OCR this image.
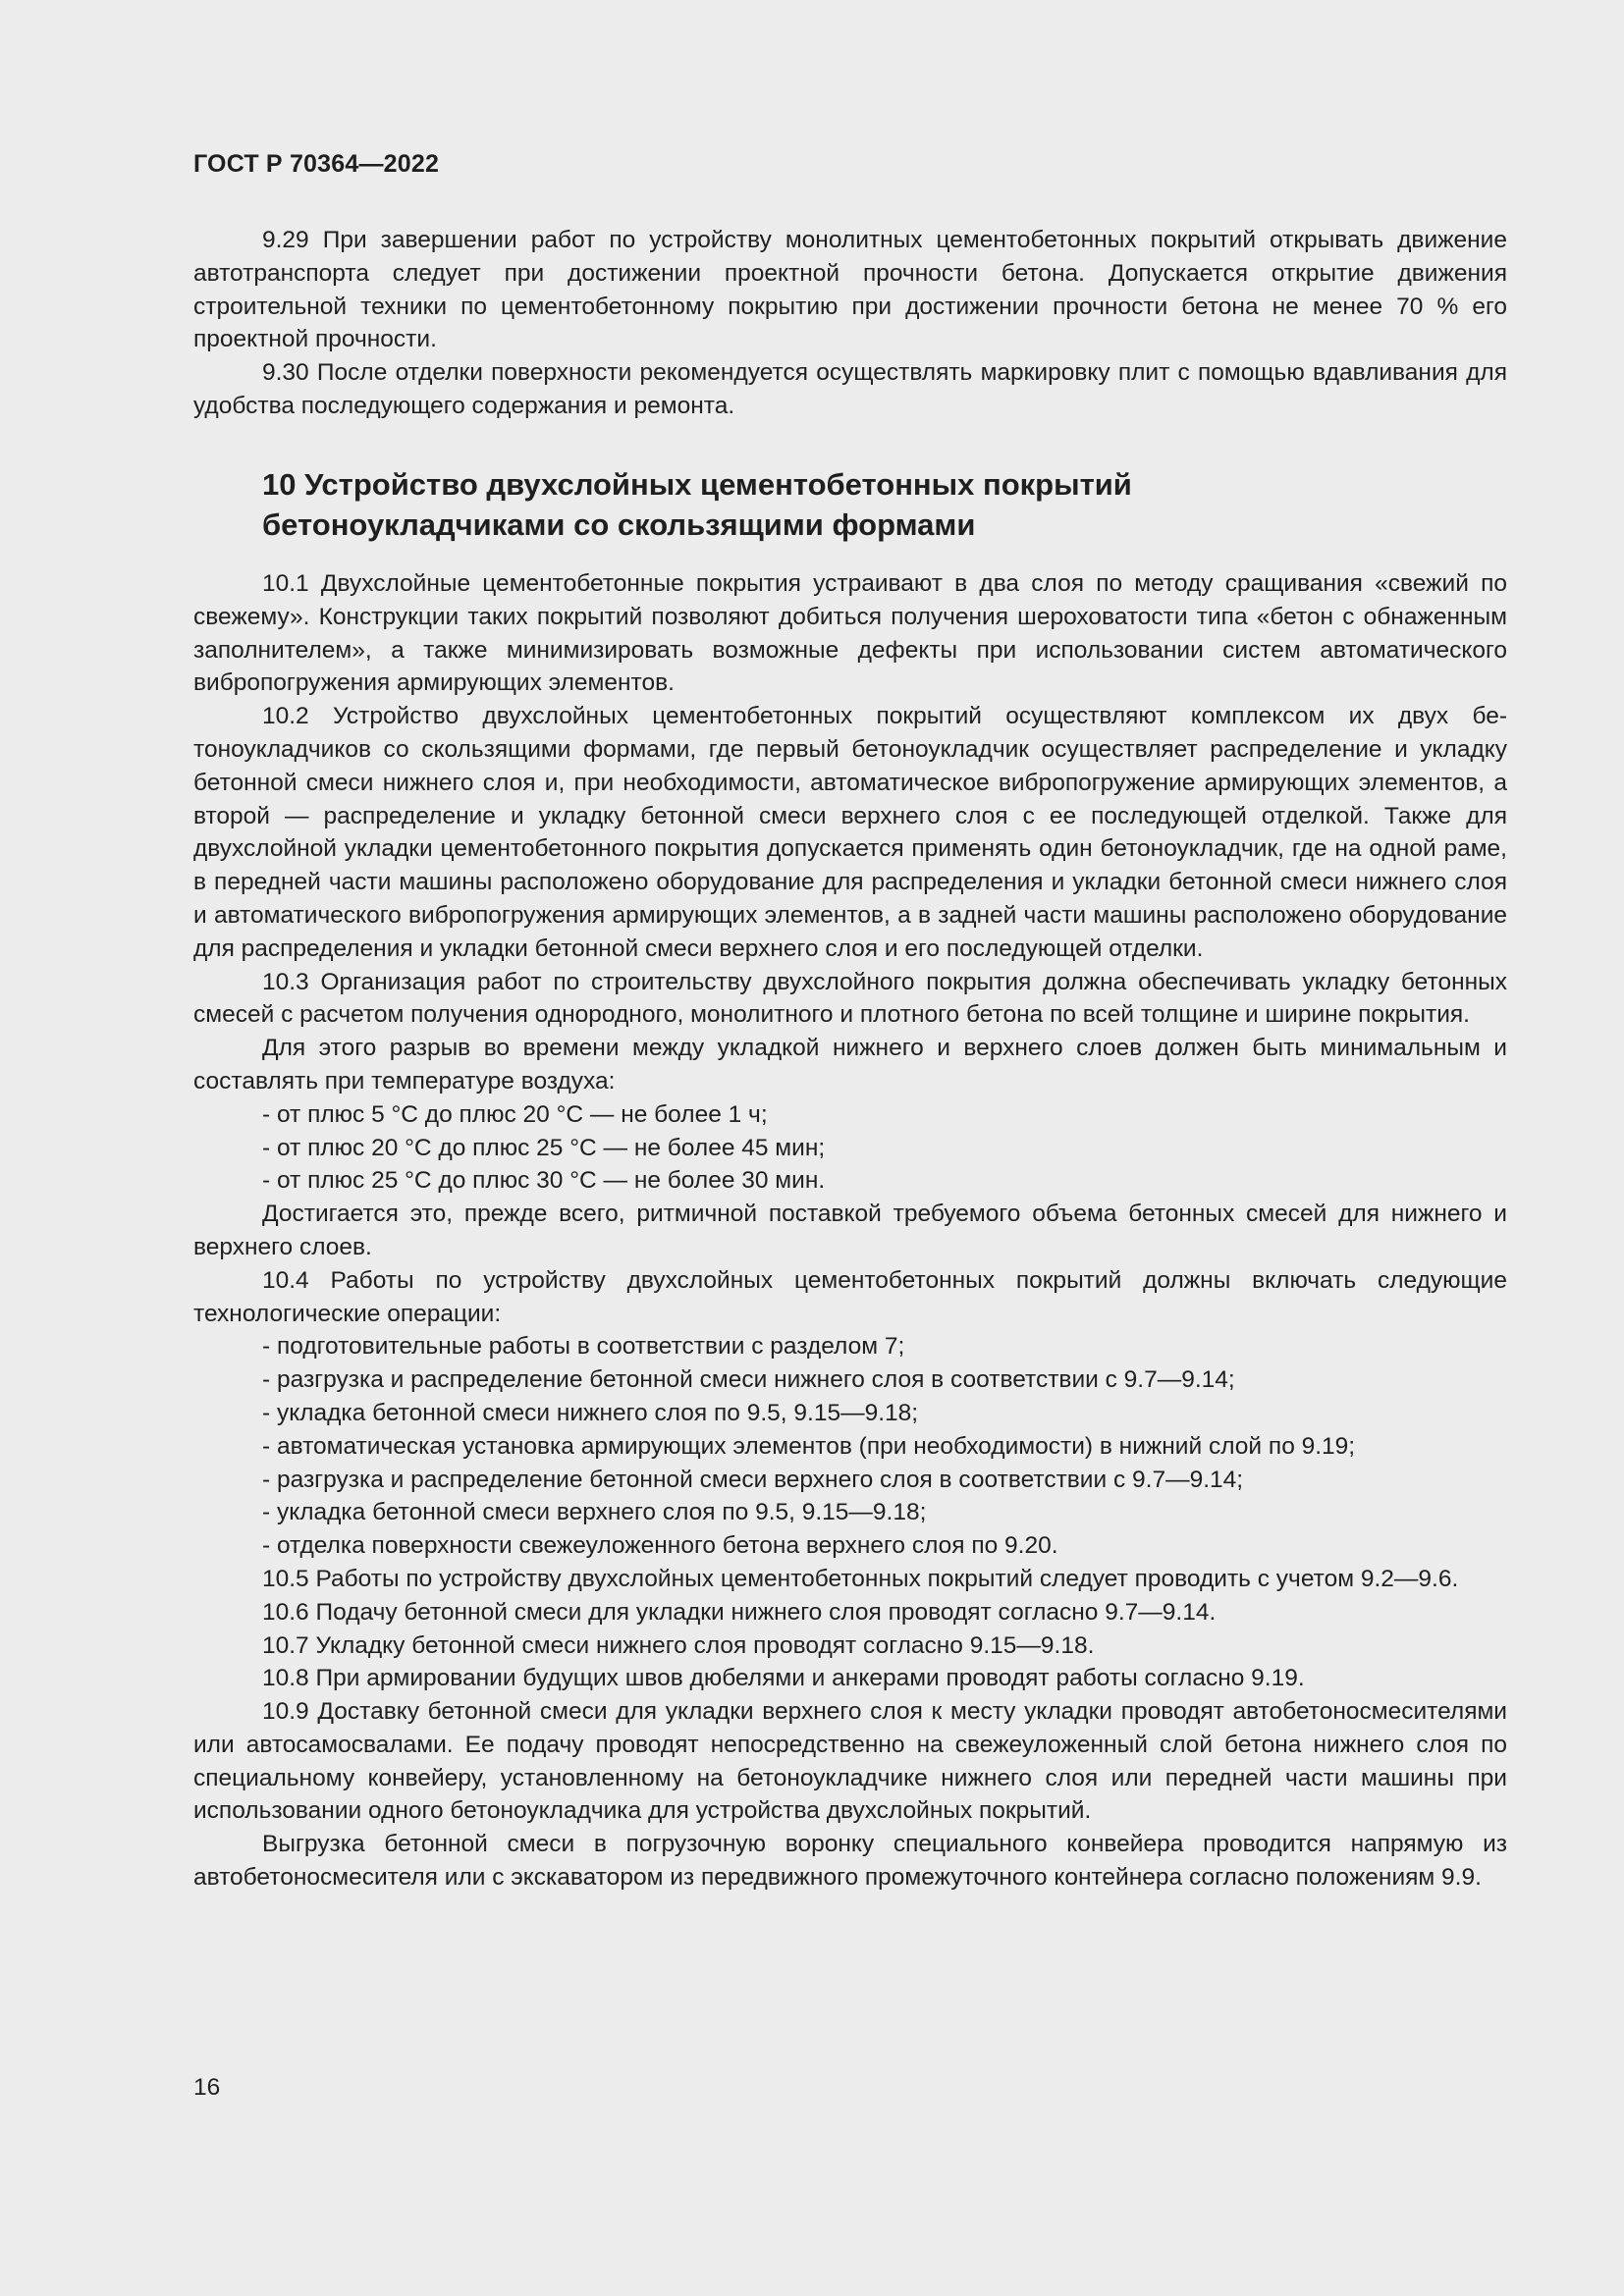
ГОСТ Р 70364—2022

9.29 При завершении работ по устройству монолитных цементобетонных покрытий открывать движение автотранспорта следует при достижении проектной прочности бетона. Допускается открытие движения строительной техники по цементобетонному покрытию при достижении прочности бетона не менее 70 % его проектной прочности.

9.30 После отделки поверхности рекомендуется осуществлять маркировку плит с помощью вдавливания для удобства последующего содержания и ремонта.

10 Устройство двухслойных цементобетонных покрытий
бетоноукладчиками со скользящими формами

10.1 Двухслойные цементобетонные покрытия устраивают в два слоя по методу сращивания «свежий по свежему». Конструкции таких покрытий позволяют добиться получения шероховатости типа «бетон с обнаженным заполнителем», а также минимизировать возможные дефекты при использовании систем автоматического вибропогружения армирующих элементов.

10.2 Устройство двухслойных цементобетонных покрытий осуществляют комплексом их двух бетоноукладчиков со скользящими формами, где первый бетоноукладчик осуществляет распределение и укладку бетонной смеси нижнего слоя и, при необходимости, автоматическое вибропогружение армирующих элементов, а второй — распределение и укладку бетонной смеси верхнего слоя с ее последующей отделкой. Также для двухслойной укладки цементобетонного покрытия допускается применять один бетоноукладчик, где на одной раме, в передней части машины расположено оборудование для распределения и укладки бетонной смеси нижнего слоя и автоматического вибропогружения армирующих элементов, а в задней части машины расположено оборудование для распределения и укладки бетонной смеси верхнего слоя и его последующей отделки.

10.3 Организация работ по строительству двухслойного покрытия должна обеспечивать укладку бетонных смесей с расчетом получения однородного, монолитного и плотного бетона по всей толщине и ширине покрытия.

Для этого разрыв во времени между укладкой нижнего и верхнего слоев должен быть минимальным и составлять при температуре воздуха:

- от плюс 5 °С до плюс 20 °С — не более 1 ч;

- от плюс 20 °С до плюс 25 °С — не более 45 мин;

- от плюс 25 °С до плюс 30 °С — не более 30 мин.

Достигается это, прежде всего, ритмичной поставкой требуемого объема бетонных смесей для нижнего и верхнего слоев.

10.4 Работы по устройству двухслойных цементобетонных покрытий должны включать следующие технологические операции:

- подготовительные работы в соответствии с разделом 7;

- разгрузка и распределение бетонной смеси нижнего слоя в соответствии с 9.7—9.14;

- укладка бетонной смеси нижнего слоя по 9.5, 9.15—9.18;

- автоматическая установка армирующих элементов (при необходимости) в нижний слой по 9.19;

- разгрузка и распределение бетонной смеси верхнего слоя в соответствии с 9.7—9.14;

- укладка бетонной смеси верхнего слоя по 9.5, 9.15—9.18;

- отделка поверхности свежеуложенного бетона верхнего слоя по 9.20.

10.5 Работы по устройству двухслойных цементобетонных покрытий следует проводить с учетом 9.2—9.6.

10.6 Подачу бетонной смеси для укладки нижнего слоя проводят согласно 9.7—9.14.

10.7 Укладку бетонной смеси нижнего слоя проводят согласно 9.15—9.18.

10.8 При армировании будущих швов дюбелями и анкерами проводят работы согласно 9.19.

10.9 Доставку бетонной смеси для укладки верхнего слоя к месту укладки проводят автобетоносмесителями или автосамосвалами. Ее подачу проводят непосредственно на свежеуложенный слой бетона нижнего слоя по специальному конвейеру, установленному на бетоноукладчике нижнего слоя или передней части машины при использовании одного бетоноукладчика для устройства двухслойных покрытий.

Выгрузка бетонной смеси в погрузочную воронку специального конвейера проводится напрямую из автобетоносмесителя или с экскаватором из передвижного промежуточного контейнера согласно положениям 9.9.

16
